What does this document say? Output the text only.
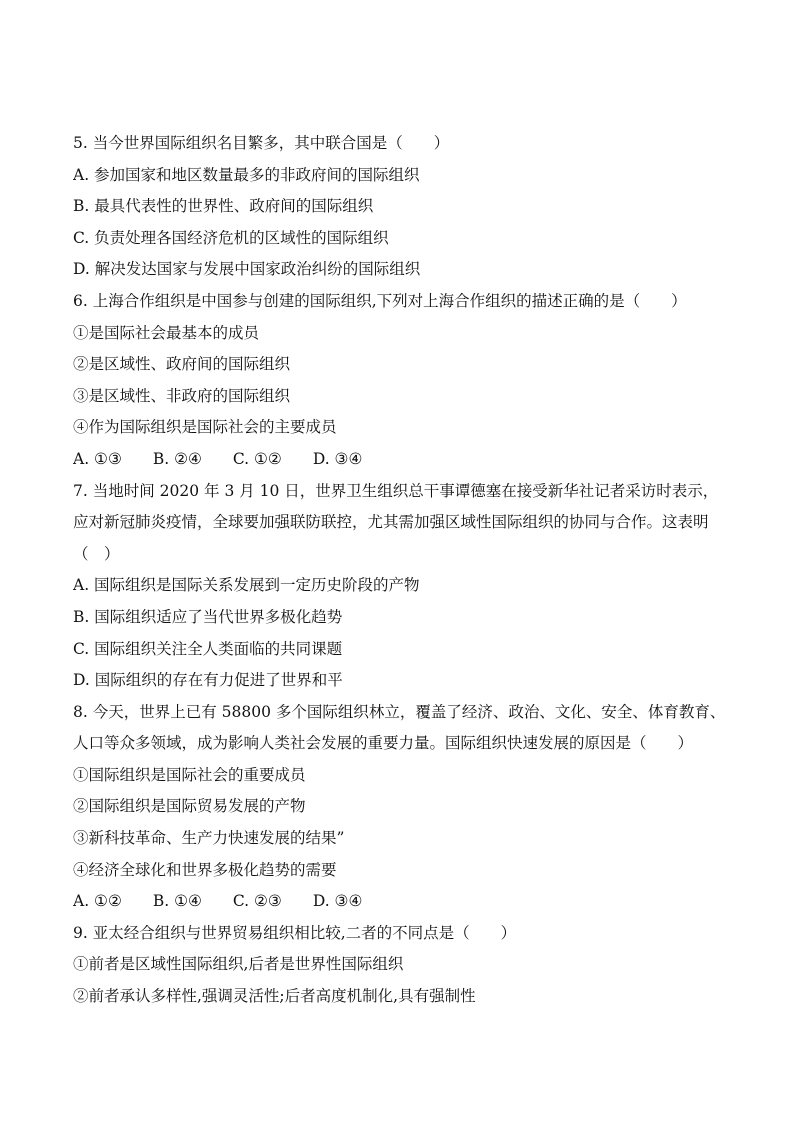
5. 当今世界国际组织名目繁多，其中联合国是（　　）
A. 参加国家和地区数量最多的非政府间的国际组织
B. 最具代表性的世界性、政府间的国际组织
C. 负责处理各国经济危机的区域性的国际组织
D. 解决发达国家与发展中国家政治纠纷的国际组织
6. 上海合作组织是中国参与创建的国际组织,下列对上海合作组织的描述正确的是（　　）
①是国际社会最基本的成员
②是区域性、政府间的国际组织
③是区域性、非政府的国际组织
④作为国际组织是国际社会的主要成员
A. ①③　　B. ②④　　C. ①②　　D. ③④
7. 当地时间 2020 年 3 月 10 日，世界卫生组织总干事谭德塞在接受新华社记者采访时表示，
应对新冠肺炎疫情，全球要加强联防联控，尤其需加强区域性国际组织的协同与合作。这表明
（　）
A. 国际组织是国际关系发展到一定历史阶段的产物
B. 国际组织适应了当代世界多极化趋势
C. 国际组织关注全人类面临的共同课题
D. 国际组织的存在有力促进了世界和平
8. 今天，世界上已有 58800 多个国际组织林立，覆盖了经济、政治、文化、安全、体育教育、
人口等众多领域，成为影响人类社会发展的重要力量。国际组织快速发展的原因是（　　）
①国际组织是国际社会的重要成员
②国际组织是国际贸易发展的产物
③新科技革命、生产力快速发展的结果”
④经济全球化和世界多极化趋势的需要
A. ①②　　B. ①④　　C. ②③　　D. ③④
9. 亚太经合组织与世界贸易组织相比较,二者的不同点是（　　）
①前者是区域性国际组织,后者是世界性国际组织
②前者承认多样性,强调灵活性;后者高度机制化,具有强制性
